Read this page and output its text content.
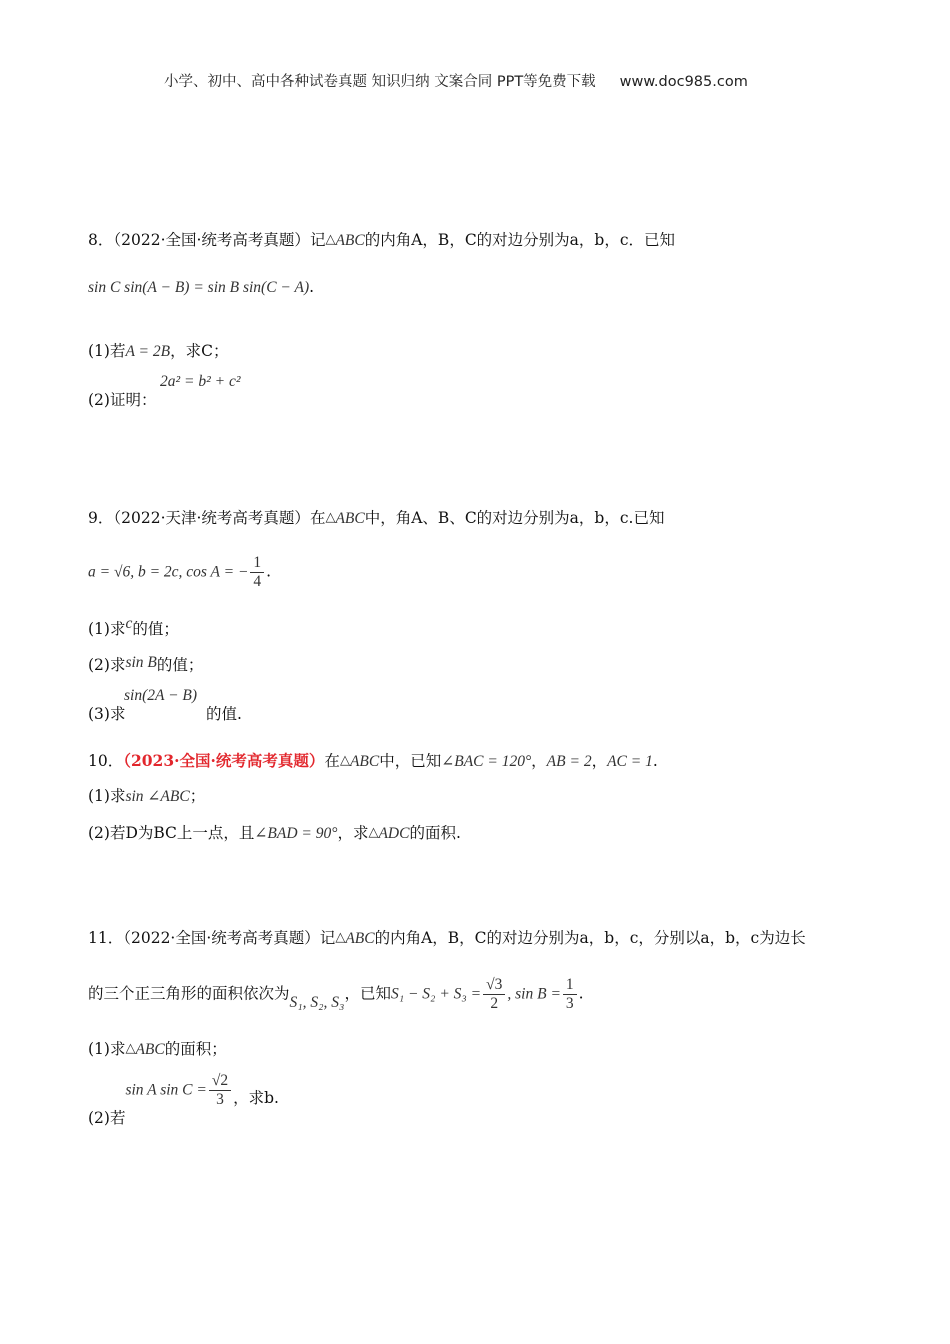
小学、初中、高中各种试卷真题 知识归纳 文案合同 PPT等免费下载 www.doc985.com
8．（2022·全国·统考高考真题）记△ABC的内角A，B，C的对边分别为a，b，c．已知
sin C sin(A − B) = sin B sin(C − A).
(1)若A = 2B，求C；
(2)证明：
2a² = b² + c²
9．（2022·天津·统考高考真题）在△ABC中，角A、B、C的对边分别为a，b，c.已知
a = √6, b = 2c, cos A = − $\frac{1}{4}$ .
(1)求c的值；
(2)求sin B的值；
(3)求
sin(2A − B)
的值.
10．（2023·全国·统考高考真题）在△ABC中，已知∠BAC = 120°，AB = 2，AC = 1.
(1)求sin ∠ABC；
(2)若D为BC上一点，且∠BAD = 90°，求△ADC的面积.
11．（2022·全国·统考高考真题）记△ABC的内角A，B，C的对边分别为a，b，c，分别以a，b，c为边长
的三个正三角形的面积依次为S₁, S₂, S₃，已知$S_1 - S_2 + S_3 = \frac{√3}{2}$ , $\sin B = \frac{1}{3}$ .
(1)求△ABC的面积；
(2)若sin A $\sin C = \frac{√2}{3}$ ，求b.
